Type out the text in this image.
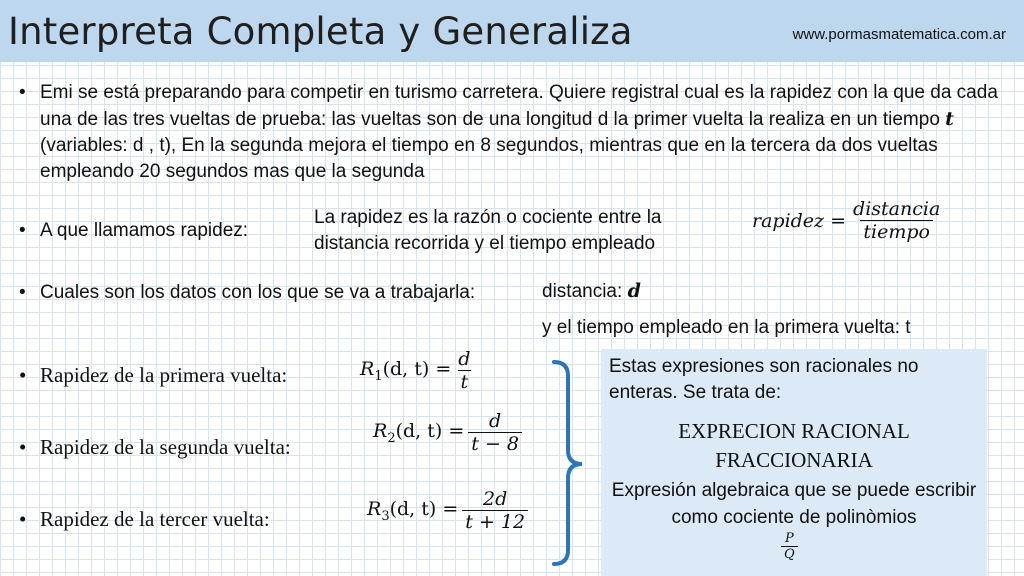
Interpreta Completa y Generaliza	www.pormasmatematica.com.ar
• Emi se está preparando para competir en turismo carretera. Quiere registral cual es la rapidez con la que da cada una de las tres vueltas de prueba: las vueltas son de una longitud d la primer vuelta la realiza en un tiempo t (variables: d , t), En la segunda mejora el tiempo en 8 segundos, mientras que en la tercera da dos vueltas empleando 20 segundos mas que la segunda
• A que llamamos rapidez:
La rapidez es la razón o cociente entre la distancia recorrida y el tiempo empleado
rapidez = $\frac{\text{distancia}}{\text{tiempo}}$
• Cuales son los datos con los que se va a trabajarla:	distancia: d
y el tiempo empleado en la primera vuelta: t
• Rapidez de la primera vuelta:	$R_1(d$, $t) = \frac{d}{t}$
• Rapidez de la segunda vuelta:
$R_2(d$, $t) = \frac{d}{t - 8}$
• Rapidez de la tercer vuelta:	$R_3(d$, $t) = \frac{2d}{t + 12}$
Estas expresiones son racionales no enteras. Se trata de:
EXPRECION RACIONAL FRACCIONARIA
Expresión algebraica que se puede escribir como cociente de polinòmios
$\frac{P}{Q}$
